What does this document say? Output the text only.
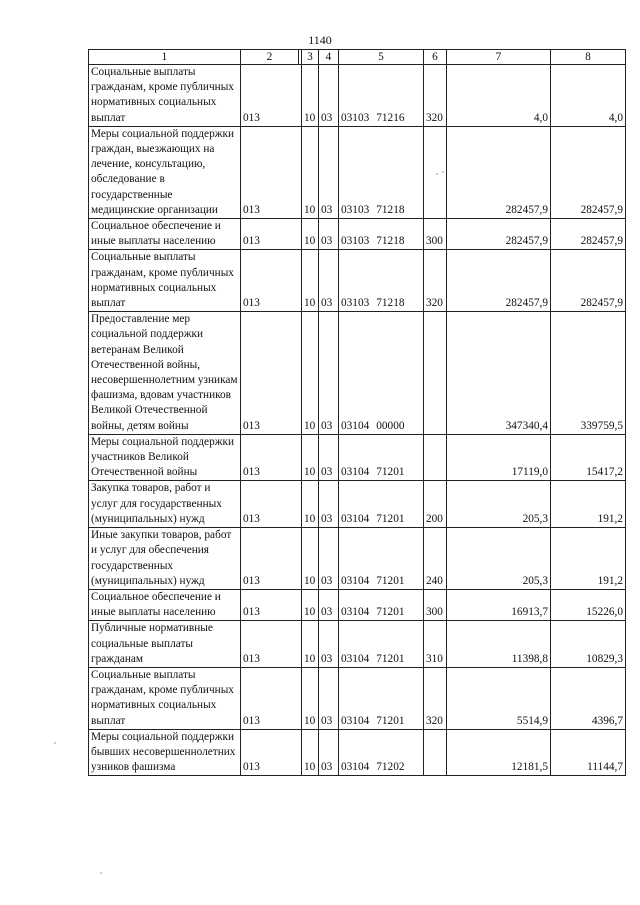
1140
1	2		3	4	5	6	7	8
Социальные выплаты гражданам, кроме публичных нормативных социальных выплат	013		10	03	03103 71216	320	4,0	4,0
Меры социальной поддержки граждан, выезжающих на лечение, консультацию, обследование в государственные медицинские организации	013		10	03	03103 71218		282457,9	282457,9
Социальное обеспечение и иные выплаты населению	013		10	03	03103 71218	300	282457,9	282457,9
Социальные выплаты гражданам, кроме публичных нормативных социальных выплат	013		10	03	03103 71218	320	282457,9	282457,9
Предоставление мер социальной поддержки ветеранам Великой Отечественной войны, несовершеннолетним узникам фашизма, вдовам участников Великой Отечественной войны, детям войны	013		10	03	03104 00000		347340,4	339759,5
Меры социальной поддержки участников Великой Отечественной войны	013		10	03	03104 71201		17119,0	15417,2
Закупка товаров, работ и услуг для государственных (муниципальных) нужд	013		10	03	03104 71201	200	205,3	191,2
Иные закупки товаров, работ и услуг для обеспечения государственных (муниципальных) нужд	013		10	03	03104 71201	240	205,3	191,2
Социальное обеспечение и иные выплаты населению	013		10	03	03104 71201	300	16913,7	15226,0
Публичные нормативные социальные выплаты гражданам	013		10	03	03104 71201	310	11398,8	10829,3
Социальные выплаты гражданам, кроме публичных нормативных социальных выплат	013		10	03	03104 71201	320	5514,9	4396,7
Меры социальной поддержки бывших несовершеннолетних узников фашизма	013		10	03	03104 71202		12181,5	11144,7
